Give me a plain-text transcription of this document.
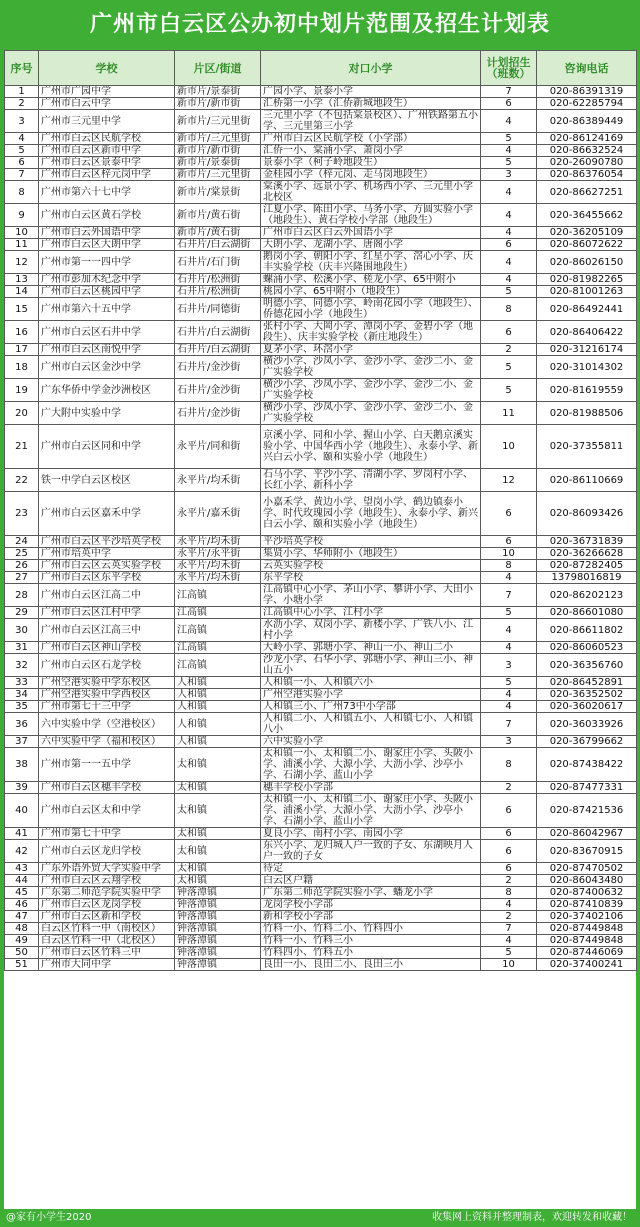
广州市白云区公办初中划片范围及招生计划表
序号	学校	片区/街道	对口小学	计划招生（班数）	咨询电话
1	广州市广园中学	新市片/景泰街	广园小学、景泰小学	7	020-86391319
2	广州市白云中学	新市片/新市街	汇桥第一小学（汇侨新城地段生）	6	020-62285794
3	广州市三元里中学	新市片/三元里街	三元里小学（不包括棠景校区）、广州铁路第五小学、三元里第三小学	4	020-86389449
4	广州市白云区民航学校	新市片/三元里街	广州市白云区民航学校（小学部）	5	020-86124169
5	广州市白云区新市中学	新市片/新市街	汇侨一小、棠涌小学、萧岗小学	4	020-86632524
6	广州市白云区景泰中学	新市片/景泰街	景泰小学（柯子岭地段生）	5	020-26090780
7	广州市白云区梓元岗中学	新市片/三元里街	金桂园小学（梓元岗、走马岗地段生）	3	020-86376054
8	广州市第六十七中学	新市片/棠景街	棠溪小学、远景小学、机场西小学、三元里小学北校区	4	020-86627251
9	广州市白云区黄石学校	新市片/黄石街	江夏小学、陈田小学、马务小学、方圆实验小学（地段生）、黄石学校小学部（地段生）	4	020-36455662
10	广州市白云外国语中学	新市片/黄石街	广州市白云区白云外国语小学	4	020-36205109
11	广州市白云区大朗中学	石井片/白云湖街	大朗小学、龙湖小学、唐阁小学	6	020-86072622
12	广州市第一一四中学	石井片/石门街	鹅岗小学、朝阳小学、红星小学、滘心小学、庆丰实验学校（庆丰兴隆围地段生）	4	020-86026150
13	广州市彭加木纪念中学	石井片/松洲街	螺涌小学、松溪小学、槎龙小学、65中附小	4	020-81982265
14	广州市白云区桃园中学	石井片/松洲街	桃园小学、65中附小（地段生）	5	020-81001263
15	广州市第六十五中学	石井片/同德街	明德小学、同德小学、岭南花园小学（地段生）、侨德花园小学（地段生）	8	020-86492441
16	广州市白云区石井中学	石井片/白云湖街	张村小学、大岡小学、潭岗小学、金碧小学（地段生）、庆丰实验学校（新庄地段生）	6	020-86406422
17	广州市白云区南悦中学	石井片/白云湖街	夏茅小学、环滘小学	2	020-31216174
18	广州市白云区金沙中学	石井片/金沙街	横沙小学、沙凤小学、金沙小学、金沙二小、金广实验学校	5	020-31014302
19	广东华侨中学金沙洲校区	石井片/金沙街	横沙小学、沙凤小学、金沙小学、金沙二小、金广实验学校	5	020-81619559
20	广大附中实验中学	石井片/金沙街	横沙小学、沙凤小学、金沙小学、金沙二小、金广实验学校	11	020-81988506
21	广州市白云区同和中学	永平片/同和街	京溪小学、同和小学、握山小学、白天鹅京溪实验小学、中国华西小学（地段生）、永泰小学、新兴白云小学、颐和实验小学（地段生）	10	020-37355811
22	铁一中学白云区校区	永平片/均禾街	石马小学、平沙小学、清湖小学、罗岗村小学、长红小学、新科小学	12	020-86110669
23	广州市白云区嘉禾中学	永平片/嘉禾街	小嘉禾学、黄边小学、望岗小学、鹤边镇泰小学、时代玫瑰园小学（地段生）、永泰小学、新兴白云小学、颐和实验小学（地段生）	6	020-86093426
24	广州市白云区平沙培英学校	永平片/均禾街	平沙培英学校	6	020-36731839
25	广州市培英中学	永平片/永平街	集贤小学、华师附小（地段生）	10	020-36266628
26	广州市白云区云英实验学校	永平片/均禾街	云英实验学校	8	020-87282405
27	广州市白云区东平学校	永平片/均禾街	东平学校	4	13798016819
28	广州市白云区江高二中	江高镇	江高镇中心小学、茅山小学、攀讲小学、大田小学、小塘小学	7	020-86202123
29	广州市白云区江村中学	江高镇	江高镇中心小学、江村小学	5	020-86601080
30	广州市白云区江高三中	江高镇	水沥小学、双岗小学、新楼小学、广铁八小、江村小学	4	020-86611802
31	广州市白云区神山学校	江高镇	大岭小学、郭塘小学、神山一小、神山二小	4	020-86060523
32	广州市白云区石龙学校	江高镇	沙龙小学、石华小学、郭塘小学、神山三小、神山五小	3	020-36356760
33	广州空港实验中学东校区	人和镇	人和镇一小、人和镇六小	5	020-86452891
34	广州空港实验中学西校区	人和镇	广州空港实验小学	4	020-36352502
35	广州市第七十三中学	人和镇	人和镇三小、广州73中小学部	4	020-36020617
36	六中实验中学（空港校区）	人和镇	人和镇二小、人和镇五小、人和镇七小、人和镇八小	7	020-36033926
37	六中实验中学（福和校区）	人和镇	六中实验小学	3	020-36799662
38	广州市第一一五中学	太和镇	太和镇一小、太和镇二小、谢家庄小学、头陂小学、浦溪小学、大源小学、大沥小学、沙亭小学、石湖小学、蓝山小学	8	020-87438422
39	广州市白云区穗丰学校	太和镇	穗丰学校小学部	2	020-87477331
40	广州市白云区太和中学	太和镇	太和镇一小、太和镇二小、谢家庄小学、头陂小学、浦溪小学、大源小学、大沥小学、沙亭小学、石湖小学、蓝山小学	6	020-87421536
41	广州市第七十中学	太和镇	夏良小学、南村小学、南园小学	6	020-86042967
42	广州市白云区龙归学校	太和镇	东兴小学、龙归城人户一致的子女、东湖映月人户一致的子女	6	020-83670915
43	广东外语外贸大学实验中学	太和镇	待定	6	020-87470502
44	广州市白云区云翔学校	太和镇	白云区户籍	2	020-86043480
45	广东第二师范学院实验中学	钟落潭镇	广东第二师范学院实验小学、蟠龙小学	8	020-87400632
46	广州市白云区龙岗学校	钟落潭镇	龙岗学校小学部	4	020-87410839
47	广州市白云区新和学校	钟落潭镇	新和学校小学部	2	020-37402106
48	白云区竹料一中（南校区）	钟落潭镇	竹料一小、竹料二小、竹料四小	7	020-87449848
49	白云区竹料一中（北校区）	钟落潭镇	竹料一小、竹料三小	4	020-87449848
50	广州市白云区竹料三中	钟落潭镇	竹料四小、竹料五小	5	020-87446069
51	广州市大同中学	钟落潭镇	良田一小、良田二小、良田三小	10	020-37400241
@家有小学生2020	收集网上资料并整理制表，欢迎转发和收藏！
